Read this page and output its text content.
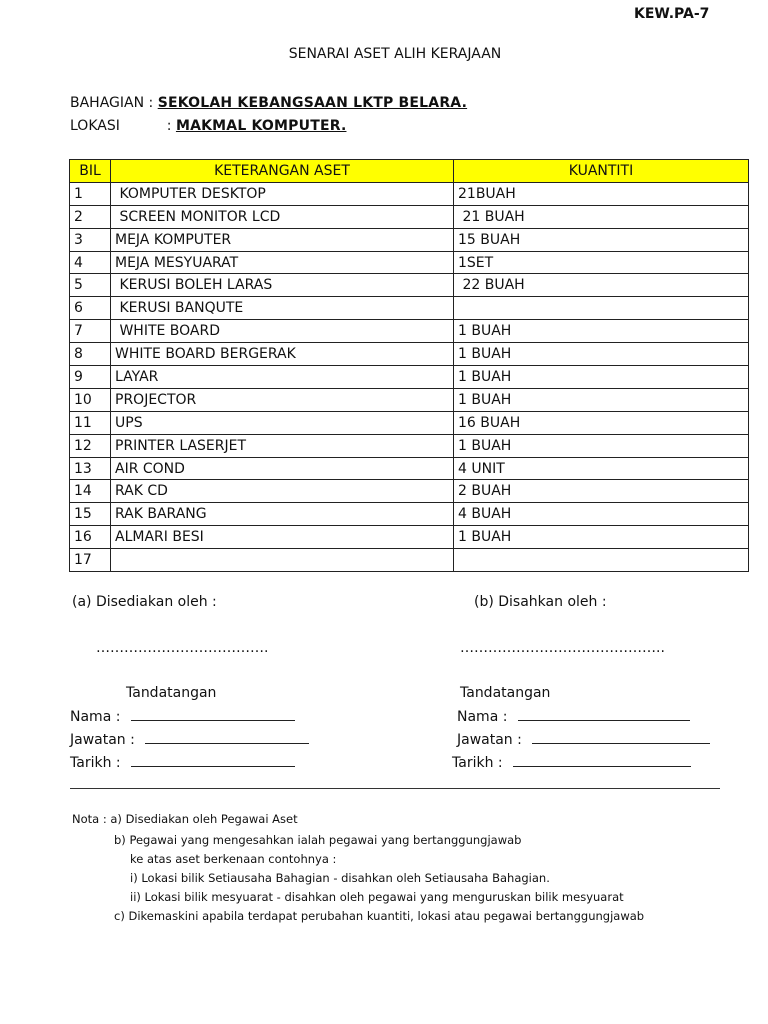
KEW.PA-7
SENARAI ASET ALIH KERAJAAN
BAHAGIAN : SEKOLAH KEBANGSAAN LKTP BELARA.
LOKASI	: MAKMAL KOMPUTER.
BIL	KETERANGAN ASET	KUANTITI
1	KOMPUTER DESKTOP	21BUAH
2	SCREEN MONITOR LCD	21 BUAH
3	MEJA KOMPUTER	15 BUAH
4	MEJA MESYUARAT	1SET
5	KERUSI BOLEH LARAS	22 BUAH
6	KERUSI BANQUTE	
7	WHITE BOARD	1 BUAH
8	WHITE BOARD BERGERAK	1 BUAH
9	LAYAR	1 BUAH
10	PROJECTOR	1 BUAH
11	UPS	16 BUAH
12	PRINTER LASERJET	1 BUAH
13	AIR COND	4 UNIT
14	RAK CD	2 BUAH
15	RAK BARANG	4 BUAH
16	ALMARI BESI	1 BUAH
17		
(a) Disediakan oleh :	(b) Disahkan oleh :
……………………………….	……………………………………..
Tandatangan	Tandatangan
Nama :	Nama :
Jawatan :	Jawatan :
Tarikh :	Tarikh :
Nota : a) Disediakan oleh Pegawai Aset
b) Pegawai yang mengesahkan ialah pegawai yang bertanggungjawab
ke atas aset berkenaan contohnya :
i) Lokasi bilik Setiausaha Bahagian - disahkan oleh Setiausaha Bahagian.
ii) Lokasi bilik mesyuarat - disahkan oleh pegawai yang menguruskan bilik mesyuarat
c) Dikemaskini apabila terdapat perubahan kuantiti, lokasi atau pegawai bertanggungjawab
